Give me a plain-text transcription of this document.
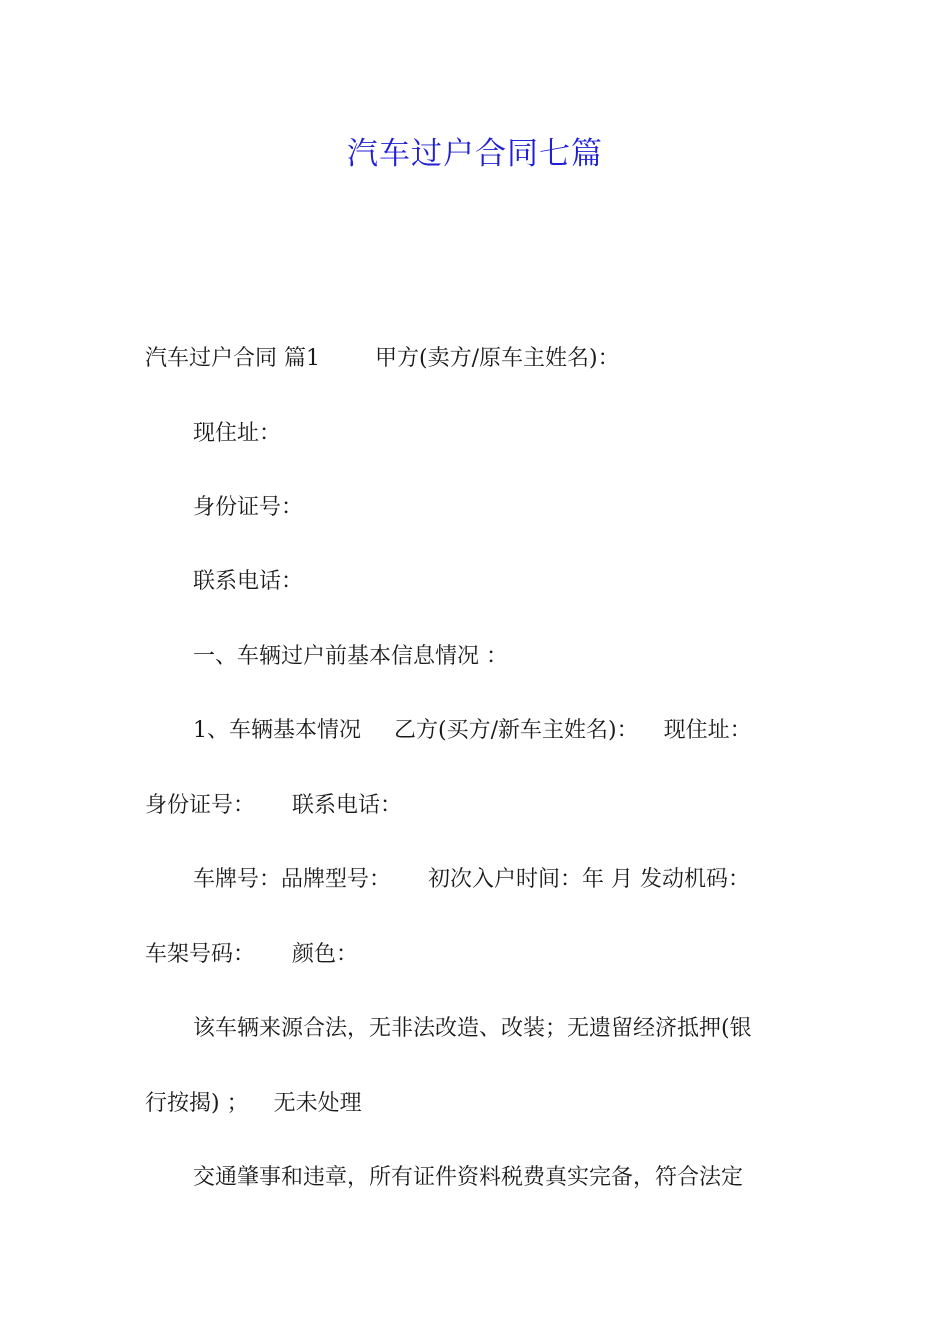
汽车过户合同七篇
汽车过户合同 篇1	甲方(卖方/原车主姓名)：
现住址：
身份证号：
联系电话：
一、车辆过户前基本信息情况 ：
1、车辆基本情况 乙方(买方/新车主姓名)： 现住址：
身份证号： 联系电话：
车牌号：品牌型号： 初次入户时间：年 月 发动机码：
车架号码： 颜色：
该车辆来源合法，无非法改造、改装；无遗留经济抵押(银
行按揭) ； 无未处理
交通肇事和违章，所有证件资料税费真实完备，符合法定
